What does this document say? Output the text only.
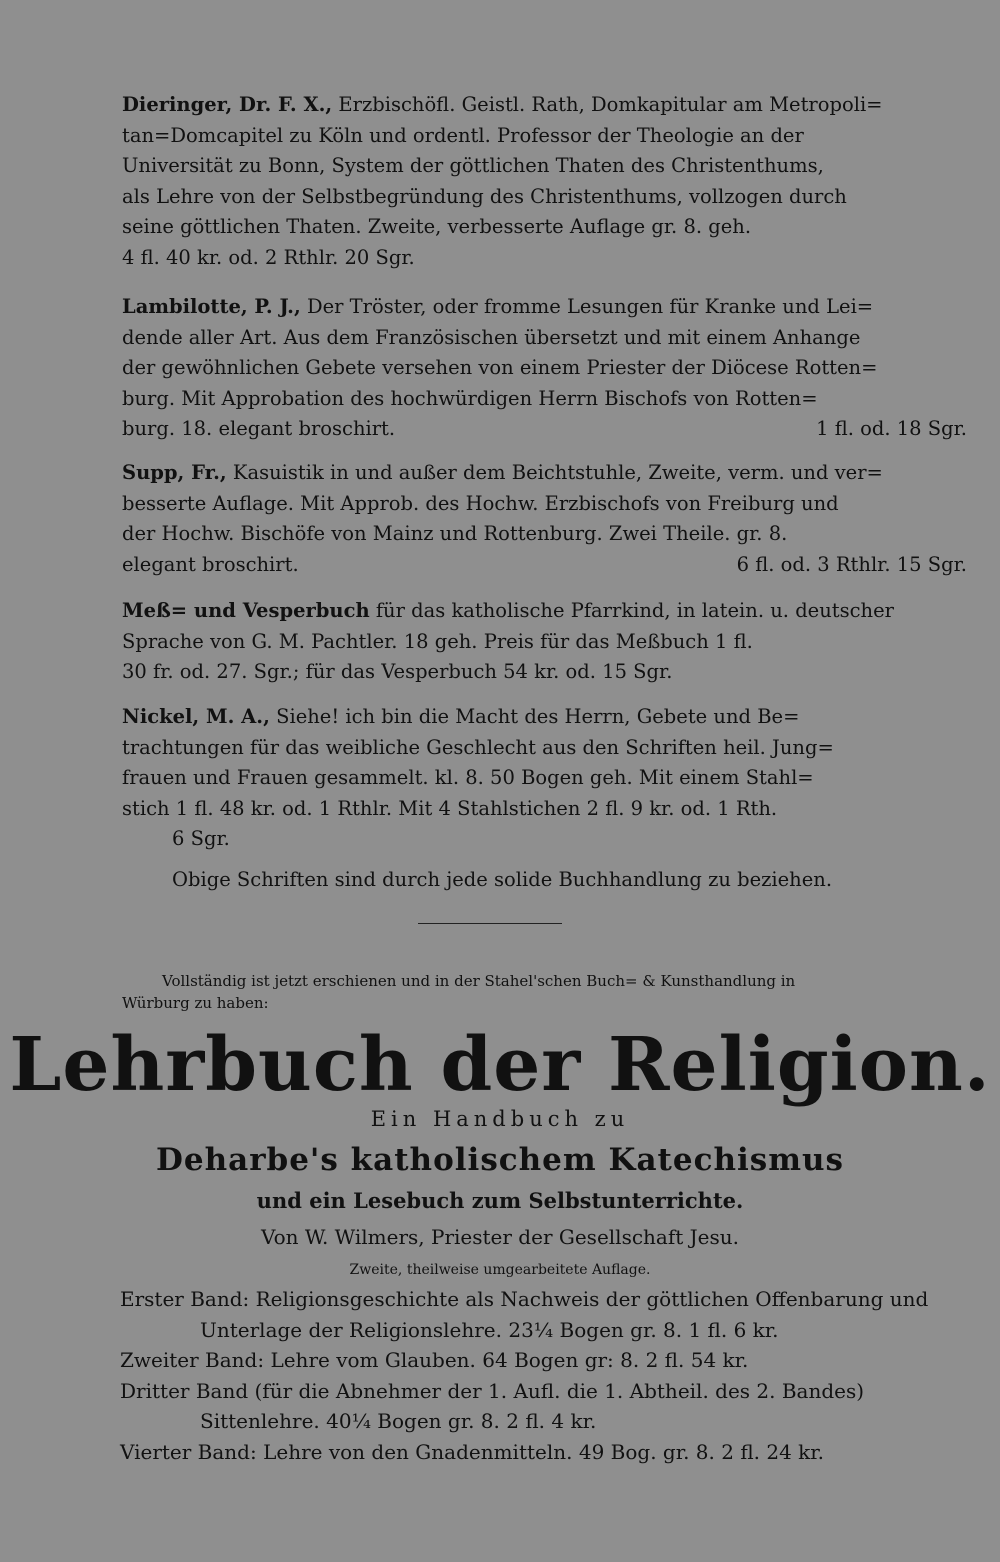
Dieringer, Dr. F. X., Erzbischöfl. Geistl. Rath, Domkapitular am Metropoli=

tan=Domcapitel zu Köln und ordentl. Professor der Theologie an der

Universität zu Bonn, System der göttlichen Thaten des Christenthums,

als Lehre von der Selbstbegründung des Christenthums, vollzogen durch

seine göttlichen Thaten. Zweite, verbesserte Auflage gr. 8. geh.

4 fl. 40 kr. od. 2 Rthlr. 20 Sgr.

Lambilotte, P. J., Der Tröster, oder fromme Lesungen für Kranke und Lei=

dende aller Art. Aus dem Französischen übersetzt und mit einem Anhange

der gewöhnlichen Gebete versehen von einem Priester der Diöcese Rotten=

burg. Mit Approbation des hochwürdigen Herrn Bischofs von Rotten=

burg. 18. elegant broschirt.	1 fl. od. 18 Sgr.

Supp, Fr., Kasuistik in und außer dem Beichtstuhle, Zweite, verm. und ver=

besserte Auflage. Mit Approb. des Hochw. Erzbischofs von Freiburg und

der Hochw. Bischöfe von Mainz und Rottenburg. Zwei Theile. gr. 8.

elegant broschirt.	6 fl. od. 3 Rthlr. 15 Sgr.

Meß= und Vesperbuch für das katholische Pfarrkind, in latein. u. deutscher

Sprache von G. M. Pachtler. 18 geh. Preis für das Meßbuch 1 fl.

30 fr. od. 27. Sgr.; für das Vesperbuch 54 kr. od. 15 Sgr.

Nickel, M. A., Siehe! ich bin die Macht des Herrn, Gebete und Be=

trachtungen für das weibliche Geschlecht aus den Schriften heil. Jung=

frauen und Frauen gesammelt. kl. 8. 50 Bogen geh. Mit einem Stahl=

stich 1 fl. 48 kr. od. 1 Rthlr. Mit 4 Stahlstichen 2 fl. 9 kr. od. 1 Rth.

6 Sgr.

Obige Schriften sind durch jede solide Buchhandlung zu beziehen.

Vollständig ist jetzt erschienen und in der Stahel'schen Buch= & Kunsthandlung in

Würburg zu haben:

Lehrbuch der Religion.
Ein Handbuch zu
Deharbe's katholischem Katechismus
und ein Lesebuch zum Selbstunterrichte.
Von W. Wilmers, Priester der Gesellschaft Jesu.
Zweite, theilweise umgearbeitete Auflage.

Erster Band: Religionsgeschichte als Nachweis der göttlichen Offenbarung und

Unterlage der Religionslehre. 23¼ Bogen gr. 8. 1 fl. 6 kr.

Zweiter Band: Lehre vom Glauben. 64 Bogen gr: 8. 2 fl. 54 kr.

Dritter Band (für die Abnehmer der 1. Aufl. die 1. Abtheil. des 2. Bandes)

Sittenlehre. 40¼ Bogen gr. 8. 2 fl. 4 kr.

Vierter Band: Lehre von den Gnadenmitteln. 49 Bog. gr. 8. 2 fl. 24 kr.
